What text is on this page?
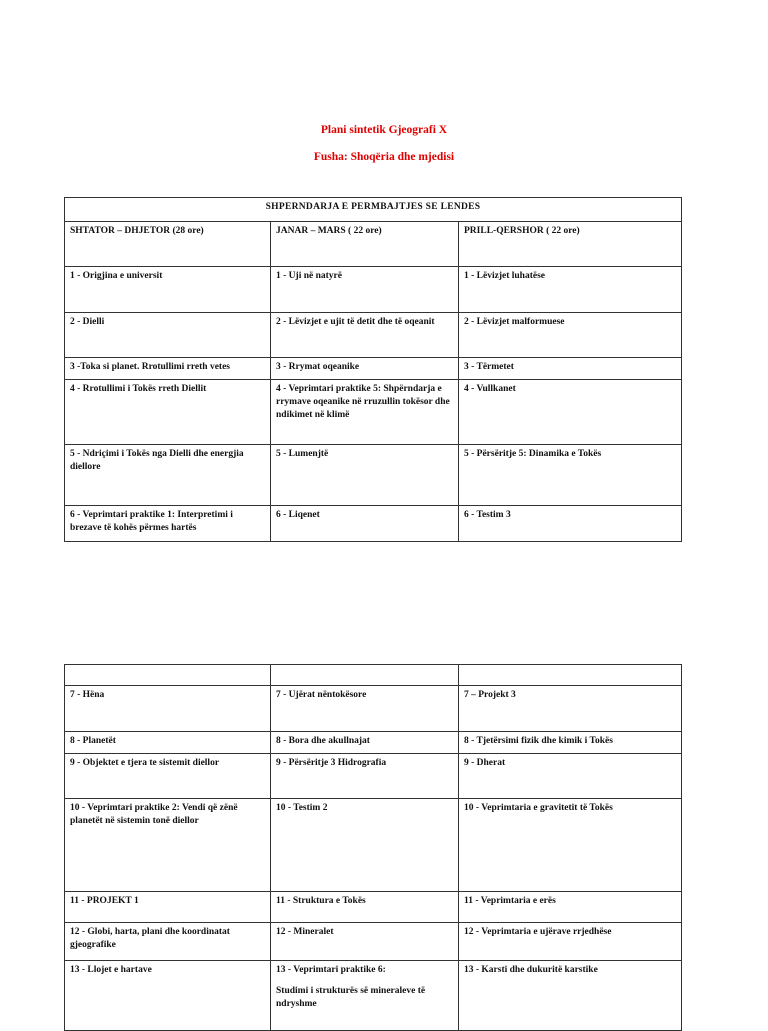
Plani sintetik Gjeografi X
Fusha: Shoqëria dhe mjedisi
SHPERNDARJA E PERMBAJTJES SE LENDES		
SHTATOR – DHJETOR (28 ore)	JANAR – MARS ( 22 ore)	PRILL-QERSHOR ( 22 ore)
1 - Origjina e universit	1 - Uji në natyrë	1 - Lëvizjet luhatëse
2 - Dielli	2 - Lëvizjet e ujit të detit dhe të oqeanit	2 - Lëvizjet malformuese
3 -Toka si planet. Rrotullimi rreth vetes	3 - Rrymat oqeanike	3 - Tërmetet
4 - Rrotullimi i Tokës rreth Diellit	4 - Veprimtari praktike 5: Shpërndarja e rrymave oqeanike në rruzullin tokësor dhe ndikimet në klimë	4 - Vullkanet
5 - Ndriçimi i Tokës nga Dielli dhe energjia diellore	5 - Lumenjtë	5 - Përsëritje 5: Dinamika e Tokës
6 - Veprimtari praktike 1: Interpretimi i brezave të kohës përmes hartës	6 - Liqenet	6 - Testim 3

7 - Hëna	7 - Ujërat nëntokësore	7 – Projekt 3
8 - Planetët	8 - Bora dhe akullnajat	8 - Tjetërsimi fizik dhe kimik i Tokës
9 - Objektet e tjera te sistemit diellor	9 - Përsëritje 3 Hidrografia	9 - Dherat
10 - Veprimtari praktike 2: Vendi që zënë planetët në sistemin tonë diellor	10 - Testim 2	10 - Veprimtaria e gravitetit të Tokës
11 - PROJEKT 1	11 - Struktura e Tokës	11 - Veprimtaria e erës
12 - Globi, harta, plani dhe koordinatat gjeografike	12 - Mineralet	12 - Veprimtaria e ujërave rrjedhëse
13 - Llojet e hartave	13 - Veprimtari praktike 6:
Studimi i strukturës së mineraleve të ndryshme	13 - Karsti dhe dukuritë karstike
